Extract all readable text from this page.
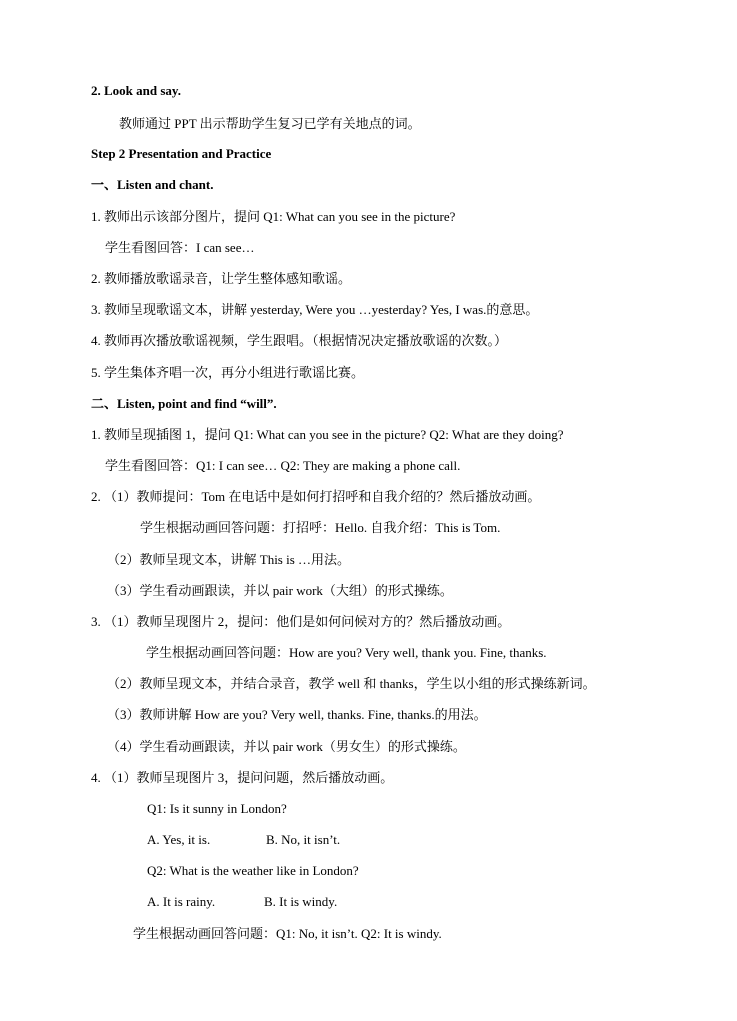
2. Look and say.
教师通过 PPT 出示帮助学生复习已学有关地点的词。
Step 2 Presentation and Practice
一、Listen and chant.
1. 教师出示该部分图片，提问 Q1: What can you see in the picture?
学生看图回答：I can see…
2. 教师播放歌谣录音，让学生整体感知歌谣。
3. 教师呈现歌谣文本，讲解 yesterday, Were you …yesterday? Yes, I was.的意思。
4. 教师再次播放歌谣视频，学生跟唱。（根据情况决定播放歌谣的次数。）
5. 学生集体齐唱一次，再分小组进行歌谣比赛。
二、Listen, point and find “will”.
1. 教师呈现插图 1，提问 Q1: What can you see in the picture? Q2: What are they doing?
学生看图回答：Q1: I can see… Q2: They are making a phone call.
2. （1）教师提问：Tom 在电话中是如何打招呼和自我介绍的？然后播放动画。
学生根据动画回答问题：打招呼：Hello. 自我介绍：This is Tom.
（2）教师呈现文本，讲解 This is …用法。
（3）学生看动画跟读，并以 pair work（大组）的形式操练。
3. （1）教师呈现图片 2，提问：他们是如何问候对方的？然后播放动画。
学生根据动画回答问题：How are you? Very well, thank you. Fine, thanks.
（2）教师呈现文本，并结合录音，教学 well 和 thanks，学生以小组的形式操练新词。
（3）教师讲解 How are you? Very well, thanks. Fine, thanks.的用法。
（4）学生看动画跟读，并以 pair work（男女生）的形式操练。
4. （1）教师呈现图片 3，提问问题，然后播放动画。
Q1: Is it sunny in London?
A. Yes, it is.	B. No, it isn’t.
Q2: What is the weather like in London?
A. It is rainy.	B. It is windy.
学生根据动画回答问题：Q1: No, it isn’t. Q2: It is windy.
